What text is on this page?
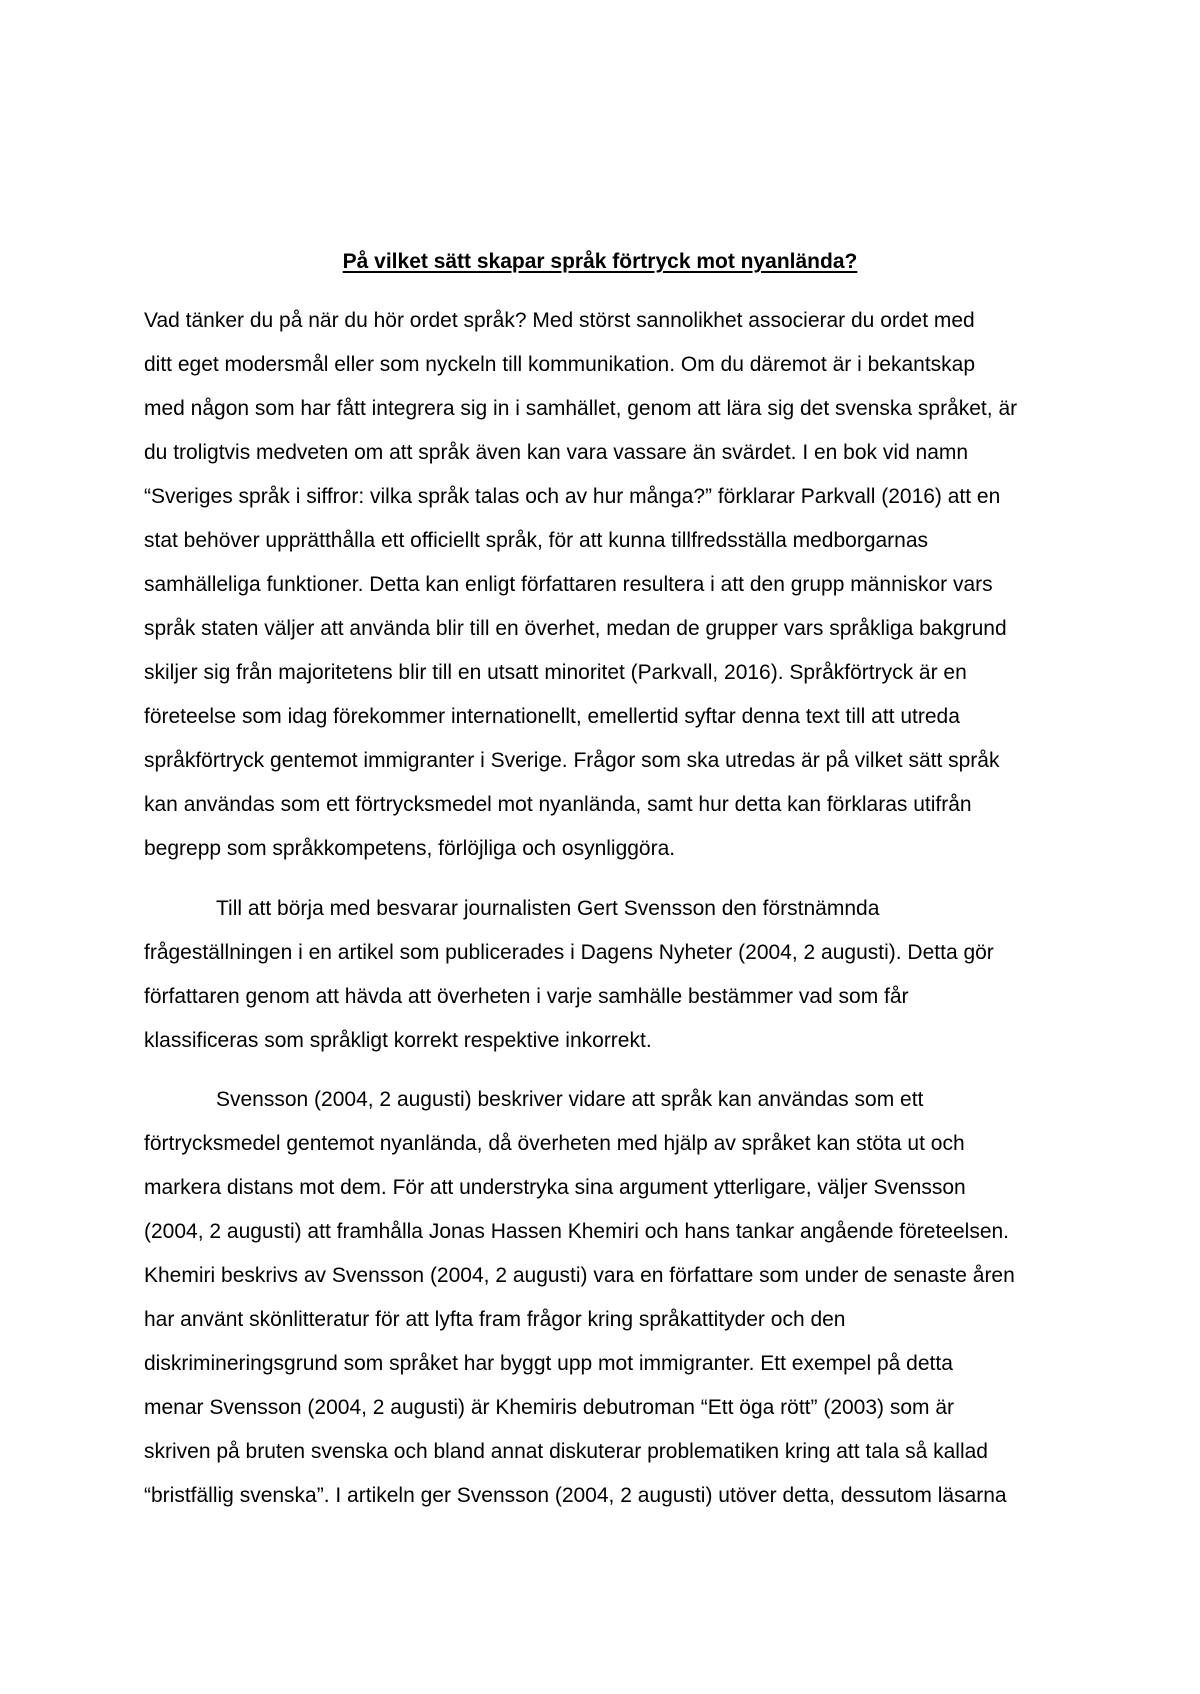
På vilket sätt skapar språk förtryck mot nyanlända?

Vad tänker du på när du hör ordet språk? Med störst sannolikhet associerar du ordet med
ditt eget modersmål eller som nyckeln till kommunikation. Om du däremot är i bekantskap
med någon som har fått integrera sig in i samhället, genom att lära sig det svenska språket, är
du troligtvis medveten om att språk även kan vara vassare än svärdet. I en bok vid namn
“Sveriges språk i siffror: vilka språk talas och av hur många?” förklarar Parkvall (2016) att en
stat behöver upprätthålla ett officiellt språk, för att kunna tillfredsställa medborgarnas
samhälleliga funktioner. Detta kan enligt författaren resultera i att den grupp människor vars
språk staten väljer att använda blir till en överhet, medan de grupper vars språkliga bakgrund
skiljer sig från majoritetens blir till en utsatt minoritet (Parkvall, 2016). Språkförtryck är en
företeelse som idag förekommer internationellt, emellertid syftar denna text till att utreda
språkförtryck gentemot immigranter i Sverige. Frågor som ska utredas är på vilket sätt språk
kan användas som ett förtrycksmedel mot nyanlända, samt hur detta kan förklaras utifrån
begrepp som språkkompetens, förlöjliga och osynliggöra.

Till att börja med besvarar journalisten Gert Svensson den förstnämnda
frågeställningen i en artikel som publicerades i Dagens Nyheter (2004, 2 augusti). Detta gör
författaren genom att hävda att överheten i varje samhälle bestämmer vad som får
klassificeras som språkligt korrekt respektive inkorrekt.

Svensson (2004, 2 augusti) beskriver vidare att språk kan användas som ett
förtrycksmedel gentemot nyanlända, då överheten med hjälp av språket kan stöta ut och
markera distans mot dem. För att understryka sina argument ytterligare, väljer Svensson
(2004, 2 augusti) att framhålla Jonas Hassen Khemiri och hans tankar angående företeelsen.
Khemiri beskrivs av Svensson (2004, 2 augusti) vara en författare som under de senaste åren
har använt skönlitteratur för att lyfta fram frågor kring språkattityder och den
diskrimineringsgrund som språket har byggt upp mot immigranter. Ett exempel på detta
menar Svensson (2004, 2 augusti) är Khemiris debutroman “Ett öga rött” (2003) som är
skriven på bruten svenska och bland annat diskuterar problematiken kring att tala så kallad
“bristfällig svenska”. I artikeln ger Svensson (2004, 2 augusti) utöver detta, dessutom läsarna
